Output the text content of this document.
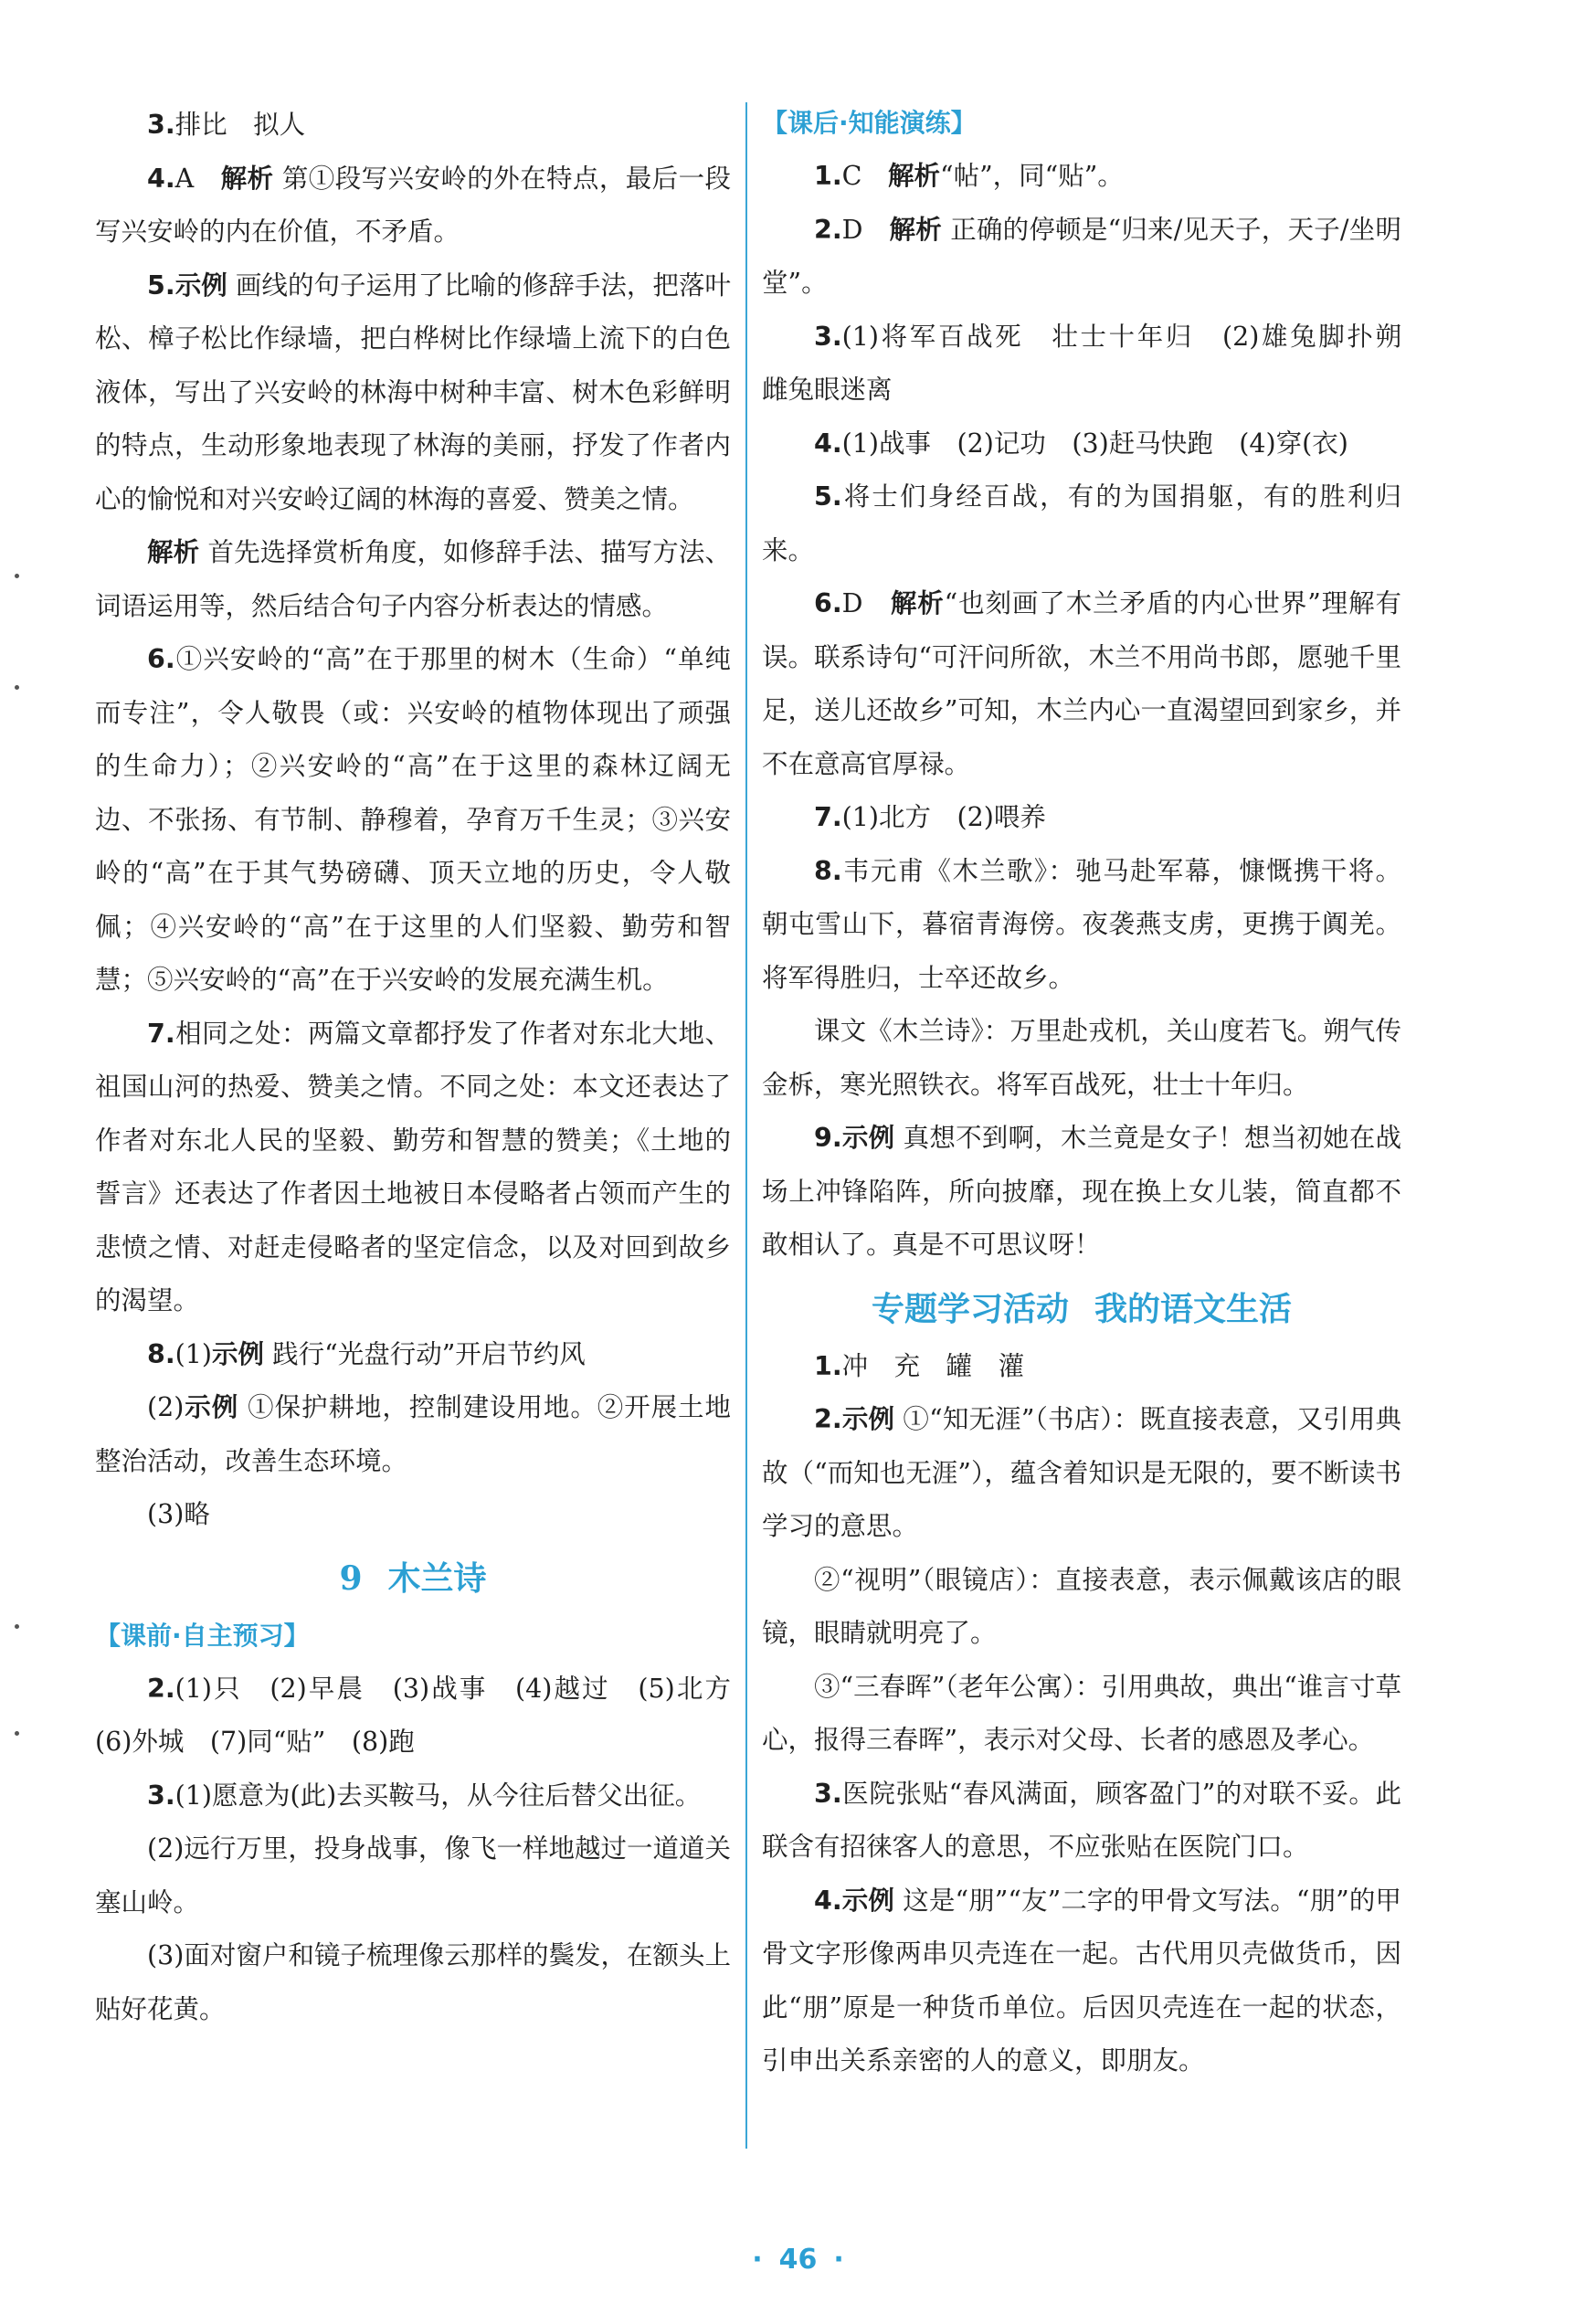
3.排比　拟人

4.A　解析 第①段写兴安岭的外在特点，最后一段写兴安岭的内在价值，不矛盾。

5.示例 画线的句子运用了比喻的修辞手法，把落叶松、樟子松比作绿墙，把白桦树比作绿墙上流下的白色液体，写出了兴安岭的林海中树种丰富、树木色彩鲜明的特点，生动形象地表现了林海的美丽，抒发了作者内心的愉悦和对兴安岭辽阔的林海的喜爱、赞美之情。

解析 首先选择赏析角度，如修辞手法、描写方法、词语运用等，然后结合句子内容分析表达的情感。

6.①兴安岭的“高”在于那里的树木（生命）“单纯而专注”，令人敬畏（或：兴安岭的植物体现出了顽强的生命力）；②兴安岭的“高”在于这里的森林辽阔无边、不张扬、有节制、静穆着，孕育万千生灵；③兴安岭的“高”在于其气势磅礴、顶天立地的历史，令人敬佩；④兴安岭的“高”在于这里的人们坚毅、勤劳和智慧；⑤兴安岭的“高”在于兴安岭的发展充满生机。

7.相同之处：两篇文章都抒发了作者对东北大地、祖国山河的热爱、赞美之情。不同之处：本文还表达了作者对东北人民的坚毅、勤劳和智慧的赞美；《土地的誓言》还表达了作者因土地被日本侵略者占领而产生的悲愤之情、对赶走侵略者的坚定信念，以及对回到故乡的渴望。

8.(1)示例 践行“光盘行动”开启节约风

(2)示例 ①保护耕地，控制建设用地。②开展土地整治活动，改善生态环境。

(3)略

9 木兰诗

【课前·自主预习】

2.(1)只　(2)早晨　(3)战事　(4)越过　(5)北方　(6)外城　(7)同“贴”　(8)跑

3.(1)愿意为(此)去买鞍马，从今往后替父出征。

(2)远行万里，投身战事，像飞一样地越过一道道关塞山岭。

(3)面对窗户和镜子梳理像云那样的鬓发，在额头上贴好花黄。

【课后·知能演练】

1.C　解析“帖”，同“贴”。

2.D　解析 正确的停顿是“归来/见天子，天子/坐明堂”。

3.(1)将军百战死　壮士十年归　(2)雄兔脚扑朔　雌兔眼迷离

4.(1)战事　(2)记功　(3)赶马快跑　(4)穿(衣)

5.将士们身经百战，有的为国捐躯，有的胜利归来。

6.D　解析“也刻画了木兰矛盾的内心世界”理解有误。联系诗句“可汗问所欲，木兰不用尚书郎，愿驰千里足，送儿还故乡”可知，木兰内心一直渴望回到家乡，并不在意高官厚禄。

7.(1)北方　(2)喂养

8.韦元甫《木兰歌》：驰马赴军幕，慷慨携干将。朝屯雪山下，暮宿青海傍。夜袭燕支虏，更携于阗羌。将军得胜归，士卒还故乡。

课文《木兰诗》：万里赴戎机，关山度若飞。朔气传金柝，寒光照铁衣。将军百战死，壮士十年归。

9.示例 真想不到啊，木兰竟是女子！想当初她在战场上冲锋陷阵，所向披靡，现在换上女儿装，简直都不敢相认了。真是不可思议呀！

专题学习活动 我的语文生活

1.冲　充　罐　灌

2.示例 ①“知无涯”（书店）：既直接表意，又引用典故（“而知也无涯”），蕴含着知识是无限的，要不断读书学习的意思。

②“视明”（眼镜店）：直接表意，表示佩戴该店的眼镜，眼睛就明亮了。

③“三春晖”（老年公寓）：引用典故，典出“谁言寸草心，报得三春晖”，表示对父母、长者的感恩及孝心。

3.医院张贴“春风满面，顾客盈门”的对联不妥。此联含有招徕客人的意思，不应张贴在医院门口。

4.示例 这是“朋”“友”二字的甲骨文写法。“朋”的甲骨文字形像两串贝壳连在一起。古代用贝壳做货币，因此“朋”原是一种货币单位。后因贝壳连在一起的状态，引申出关系亲密的人的意义，即朋友。

· 46 ·
